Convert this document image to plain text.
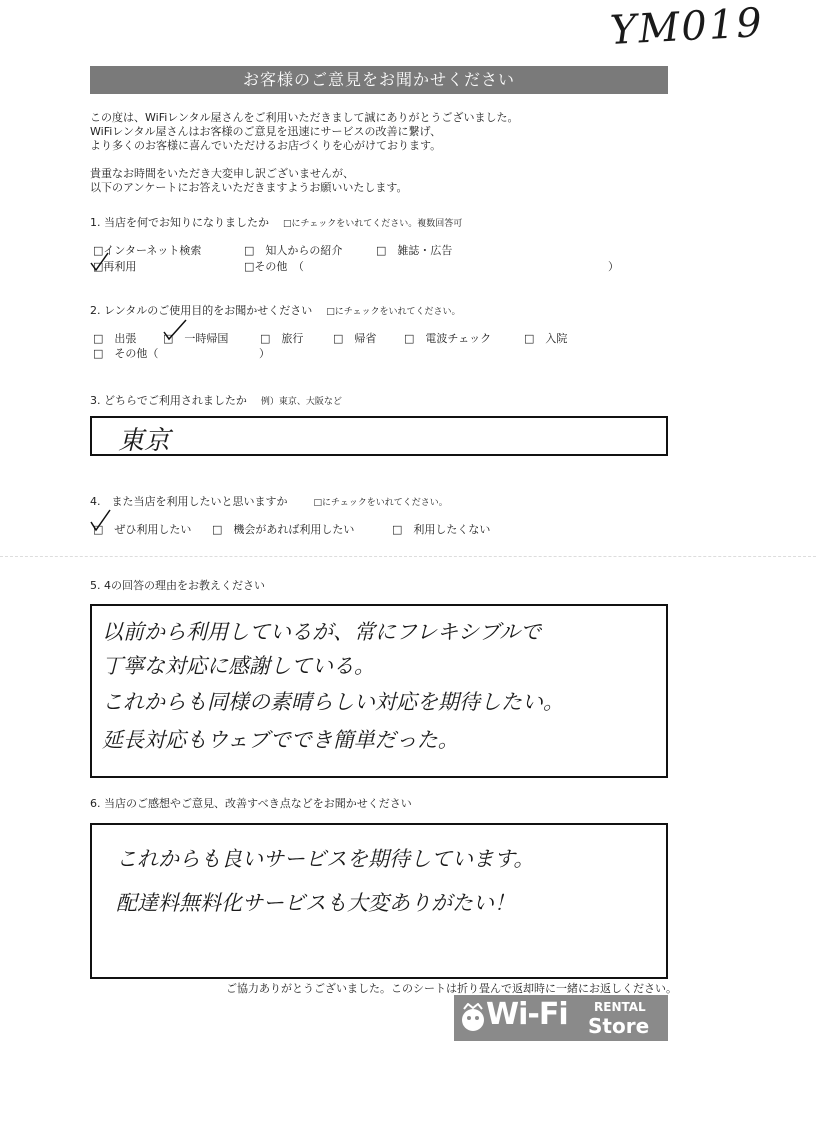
YM019
お客様のご意見をお聞かせください
この度は、WiFiレンタル屋さんをご利用いただきまして誠にありがとうございました。
WiFiレンタル屋さんはお客様のご意見を迅速にサービスの改善に繋げ、
より多くのお客様に喜んでいただけるお店づくりを心がけております。

貴重なお時間をいただき大変申し訳ございませんが、
以下のアンケートにお答えいただきますようお願いいたします。
1. 当店を何でお知りになりましたか □にチェックをいれてください。複数回答可
□インターネット検索	□　知人からの紹介	□　雑誌・広告
□再利用	□その他　（	）
2. レンタルのご使用目的をお聞かせください □にチェックをいれてください。
□　出張 □　一時帰国	□　旅行	□　帰省	□　電波チェック	□　入院
□　その他（	）
3. どちらでご利用されましたか 例）東京、大阪など
東京
4.　また当店を利用したいと思いますか	□にチェックをいれてください。
□　ぜひ利用したい □　機会があれば利用したい	□　利用したくない
5. 4の回答の理由をお教えください
以前から利用しているが、常にフレキシブルで
丁寧な対応に感謝している。
これからも同様の素晴らしい対応を期待したい。
延長対応もウェブででき簡単だった。
6. 当店のご感想やご意見、改善すべき点などをお聞かせください
これからも良いサービスを期待しています。
配達料無料化サービスも大変ありがたい！
ご協力ありがとうございました。このシートは折り畳んで返却時に一緒にお返しください。
Wi-Fi RENTAL
Store
